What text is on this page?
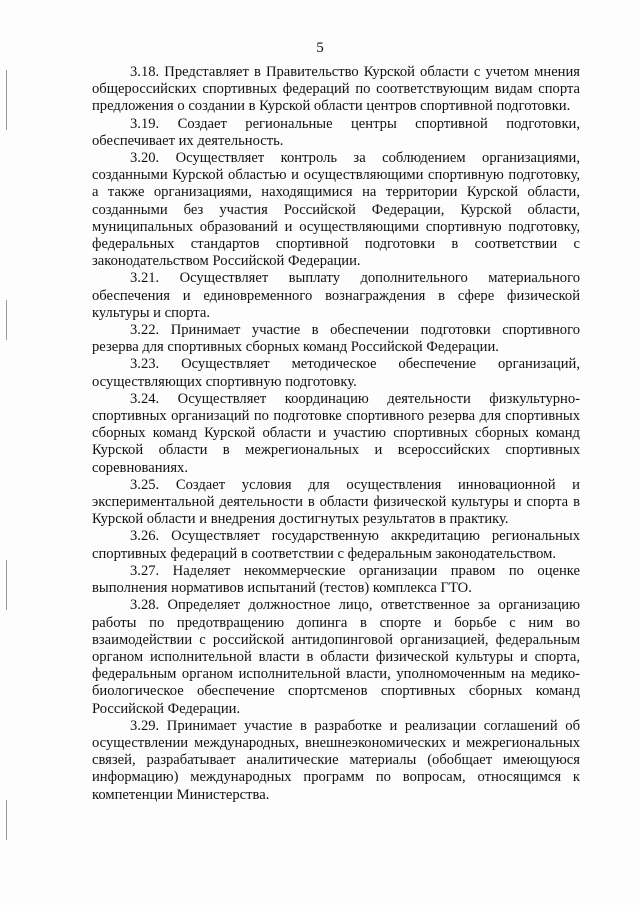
5

3.18. Представляет в Правительство Курской области с учетом мнения общероссийских спортивных федераций по соответствующим видам спорта предложения о создании в Курской области центров спортивной подготовки.

3.19. Создает региональные центры спортивной подготовки, обеспечивает их деятельность.

3.20. Осуществляет контроль за соблюдением организациями, созданными Курской областью и осуществляющими спортивную подготовку, а также организациями, находящимися на территории Курской области, созданными без участия Российской Федерации, Курской области, муниципальных образований и осуществляющими спортивную подготовку, федеральных стандартов спортивной подготовки в соответствии с законодательством Российской Федерации.

3.21. Осуществляет выплату дополнительного материального обеспечения и единовременного вознаграждения в сфере физической культуры и спорта.

3.22. Принимает участие в обеспечении подготовки спортивного резерва для спортивных сборных команд Российской Федерации.

3.23. Осуществляет методическое обеспечение организаций, осуществляющих спортивную подготовку.

3.24. Осуществляет координацию деятельности физкультурно-спортивных организаций по подготовке спортивного резерва для спортивных сборных команд Курской области и участию спортивных сборных команд Курской области в межрегиональных и всероссийских спортивных соревнованиях.

3.25. Создает условия для осуществления инновационной и экспериментальной деятельности в области физической культуры и спорта в Курской области и внедрения достигнутых результатов в практику.

3.26. Осуществляет государственную аккредитацию региональных спортивных федераций в соответствии с федеральным законодательством.

3.27. Наделяет некоммерческие организации правом по оценке выполнения нормативов испытаний (тестов) комплекса ГТО.

3.28. Определяет должностное лицо, ответственное за организацию работы по предотвращению допинга в спорте и борьбе с ним во взаимодействии с российской антидопинговой организацией, федеральным органом исполнительной власти в области физической культуры и спорта, федеральным органом исполнительной власти, уполномоченным на медико-биологическое обеспечение спортсменов спортивных сборных команд Российской Федерации.

3.29. Принимает участие в разработке и реализации соглашений об осуществлении международных, внешнеэкономических и межрегиональных связей, разрабатывает аналитические материалы (обобщает имеющуюся информацию) международных программ по вопросам, относящимся к компетенции Министерства.
